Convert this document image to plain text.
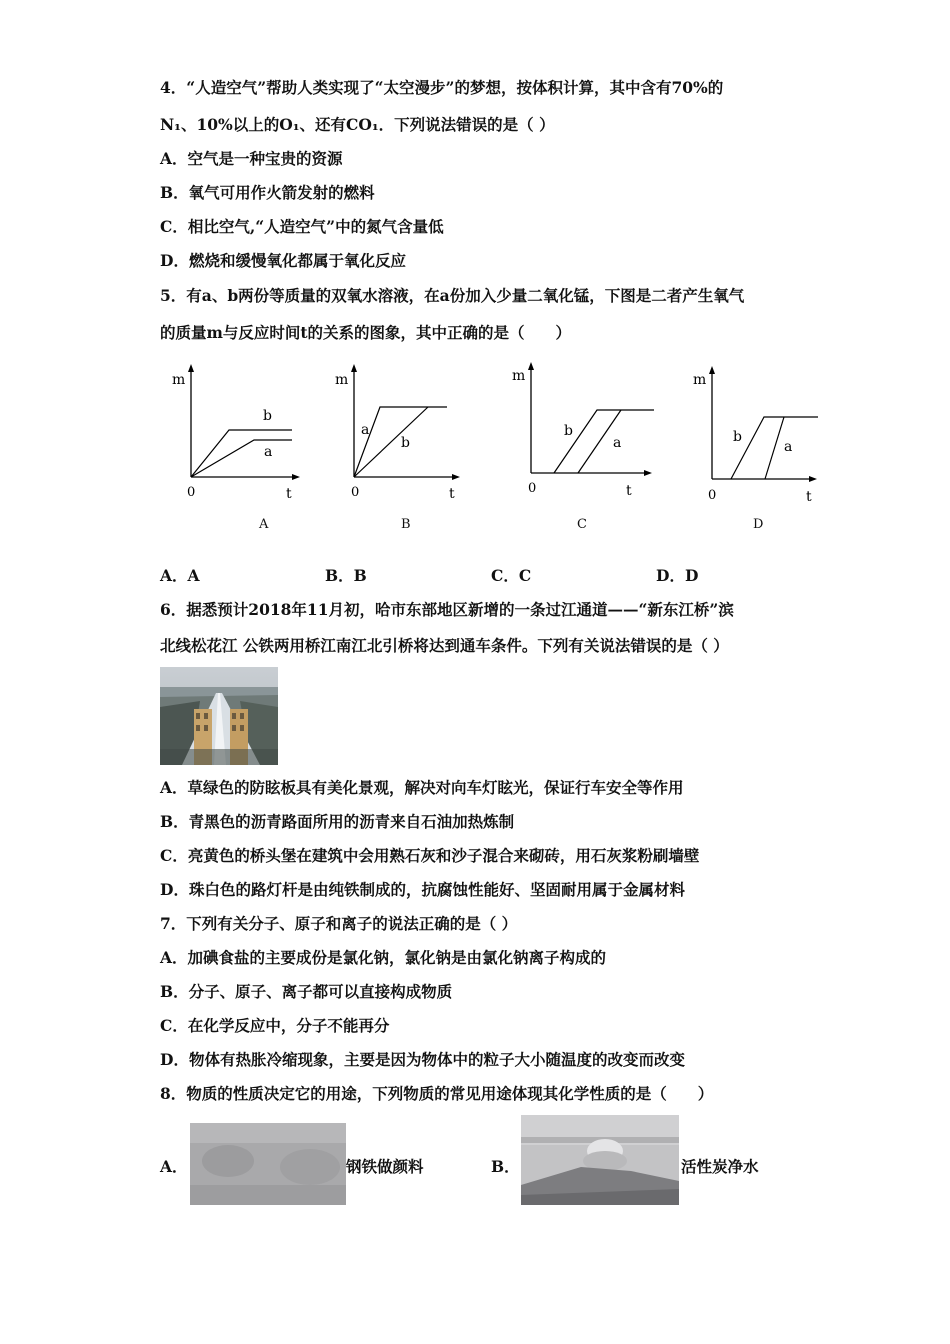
4．“人造空气”帮助人类实现了“太空漫步”的梦想，按体积计算，其中含有70%的
N₁、10%以上的O₁、还有CO₁．下列说法错误的是（ ）
A．空气是一种宝贵的资源
B．氧气可用作火箭发射的燃料
C．相比空气,“人造空气”中的氮气含量低
D．燃烧和缓慢氧化都属于氧化反应
5．有a、b两份等质量的双氧水溶液，在a份加入少量二氧化锰，下图是二者产生氧气
的质量m与反应时间t的关系的图象，其中正确的是（　　）
m
t
0
b
a
A
m
t
0
a
b
B
m
t
0
b
a
C
m
t
0
b
a
D
A．A	B．B	C．C	D．D
6．据悉预计2018年11月初，哈市东部地区新增的一条过江通道——“新东江桥”滨
北线松花江 公铁两用桥江南江北引桥将达到通车条件。下列有关说法错误的是（ ）
A．草绿色的防眩板具有美化景观，解决对向车灯眩光，保证行车安全等作用
B．青黑色的沥青路面所用的沥青来自石油加热炼制
C．亮黄色的桥头堡在建筑中会用熟石灰和沙子混合来砌砖，用石灰浆粉刷墙壁
D．珠白色的路灯杆是由纯铁制成的，抗腐蚀性能好、坚固耐用属于金属材料
7．下列有关分子、原子和离子的说法正确的是（ ）
A．加碘食盐的主要成份是氯化钠，氯化钠是由氯化钠离子构成的
B．分子、原子、离子都可以直接构成物质
C．在化学反应中，分子不能再分
D．物体有热胀冷缩现象，主要是因为物体中的粒子大小随温度的改变而改变
8．物质的性质决定它的用途，下列物质的常见用途体现其化学性质的是（　　）
A．	钢铁做颜料	B．	活性炭净水
